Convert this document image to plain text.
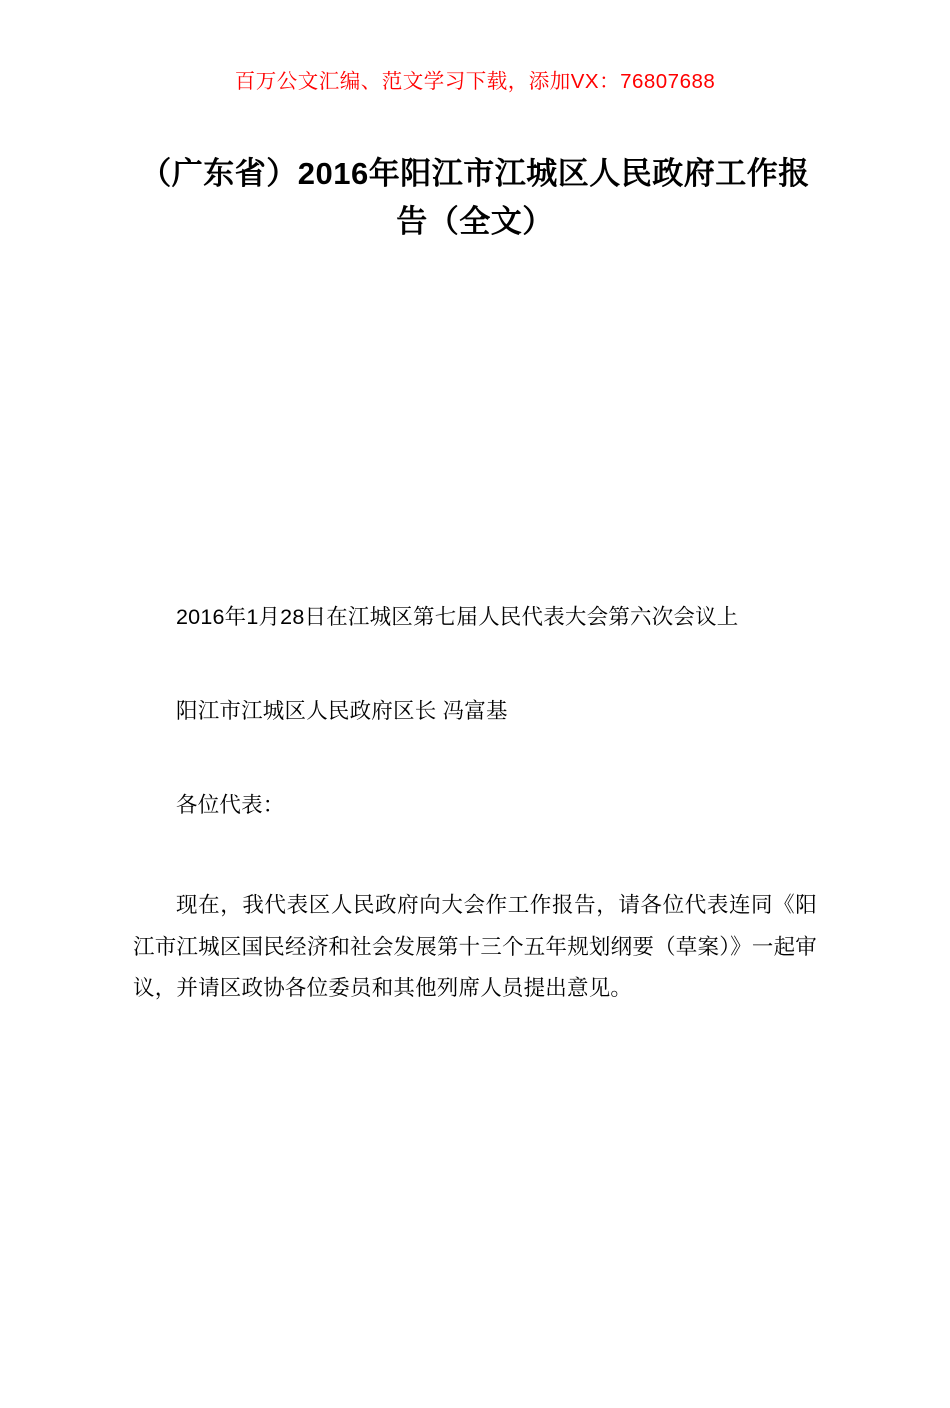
百万公文汇编、范文学习下载，添加VX：76807688
（广东省）2016年阳江市江城区人民政府工作报告（全文）

2016年1月28日在江城区第七届人民代表大会第六次会议上

阳江市江城区人民政府区长 冯富基

各位代表：

现在，我代表区人民政府向大会作工作报告，请各位代表连同《阳江市江城区国民经济和社会发展第十三个五年规划纲要（草案）》一起审议，并请区政协各位委员和其他列席人员提出意见。
